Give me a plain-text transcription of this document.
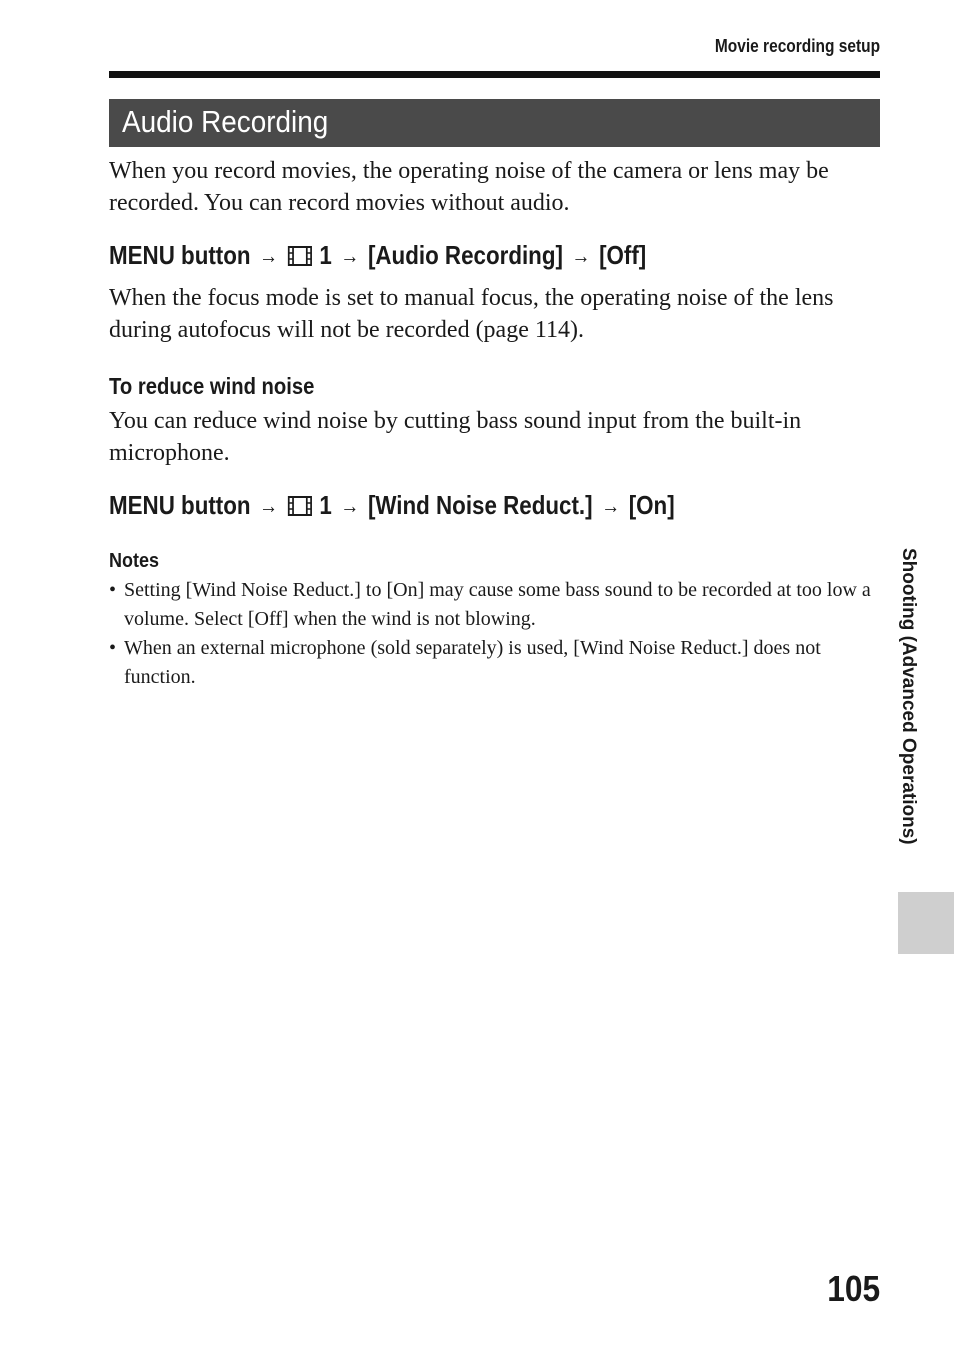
Movie recording setup
Audio Recording

When you record movies, the operating noise of the camera or lens may be recorded. You can record movies without audio.

MENU button → 1 → [Audio Recording] → [Off]

When the focus mode is set to manual focus, the operating noise of the lens during autofocus will not be recorded (page 114).

To reduce wind noise

You can reduce wind noise by cutting bass sound input from the built-in microphone.

MENU button → 1 → [Wind Noise Reduct.] → [On]
Notes
• Setting [Wind Noise Reduct.] to [On] may cause some bass sound to be recorded at too low a volume. Select [Off] when the wind is not blowing.
• When an external microphone (sold separately) is used, [Wind Noise Reduct.] does not function.	Shooting (Advanced Operations)
105
